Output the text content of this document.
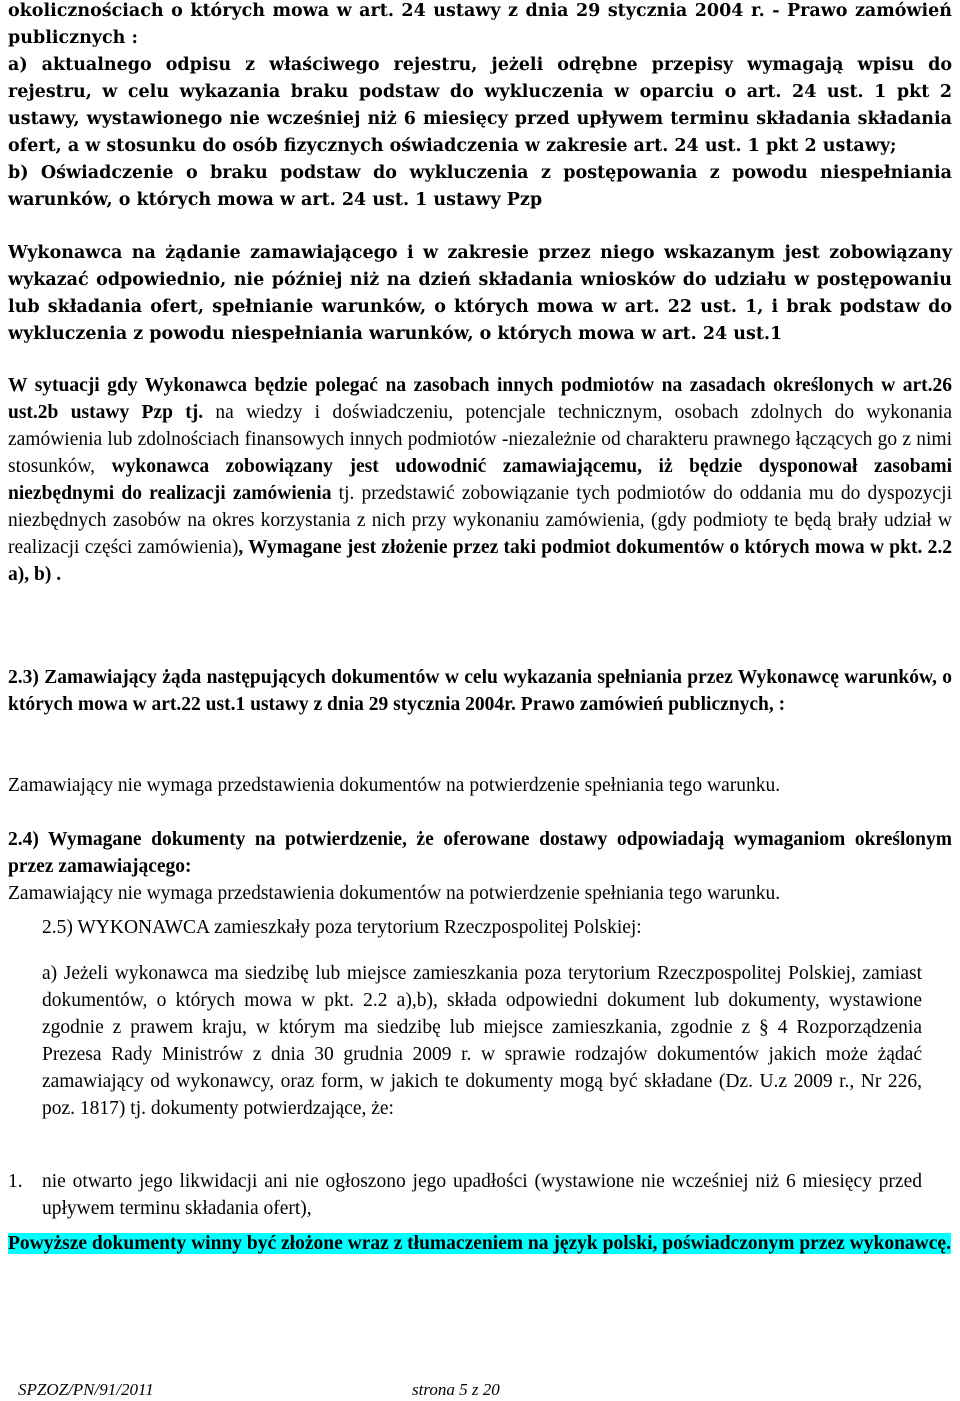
okolicznościach o których mowa w art. 24 ustawy z dnia 29 stycznia 2004 r. - Prawo zamówień publicznych :

a) aktualnego odpisu z właściwego rejestru, jeżeli odrębne przepisy wymagają wpisu do rejestru, w celu wykazania braku podstaw do wykluczenia w oparciu o art. 24 ust. 1 pkt 2 ustawy, wystawionego nie wcześniej niż 6 miesięcy przed upływem terminu składania składania ofert, a w stosunku do osób fizycznych oświadczenia w zakresie art. 24 ust. 1 pkt 2 ustawy;

b) Oświadczenie o braku podstaw do wykluczenia z postępowania z powodu niespełniania warunków, o których mowa w art. 24 ust. 1 ustawy Pzp

Wykonawca na żądanie zamawiającego i w zakresie przez niego wskazanym jest zobowiązany wykazać odpowiednio, nie później niż na dzień składania wniosków do udziału w postępowaniu lub składania ofert, spełnianie warunków, o których mowa w art. 22 ust. 1, i brak podstaw do wykluczenia z powodu niespełniania warunków, o których mowa w art. 24 ust.1

W sytuacji gdy Wykonawca będzie polegać na zasobach innych podmiotów na zasadach określonych w art.26 ust.2b ustawy Pzp tj. na wiedzy i doświadczeniu, potencjale technicznym, osobach zdolnych do wykonania zamówienia lub zdolnościach finansowych innych podmiotów -niezależnie od charakteru prawnego łączących go z nimi stosunków, wykonawca zobowiązany jest udowodnić zamawiającemu, iż będzie dysponował zasobami niezbędnymi do realizacji zamówienia tj. przedstawić zobowiązanie tych podmiotów do oddania mu do dyspozycji niezbędnych zasobów na okres korzystania z nich przy wykonaniu zamówienia, (gdy podmioty te będą brały udział w realizacji części zamówienia), Wymagane jest złożenie przez taki podmiot dokumentów o których mowa w pkt. 2.2 a), b) .

2.3) Zamawiający żąda następujących dokumentów w celu wykazania spełniania przez Wykonawcę warunków, o których mowa w art.22 ust.1 ustawy z dnia 29 stycznia 2004r. Prawo zamówień publicznych, :

Zamawiający nie wymaga przedstawienia dokumentów na potwierdzenie spełniania tego warunku.

2.4) Wymagane dokumenty na potwierdzenie, że oferowane dostawy odpowiadają wymaganiom określonym przez zamawiającego:

Zamawiający nie wymaga przedstawienia dokumentów na potwierdzenie spełniania tego warunku.

2.5) WYKONAWCA zamieszkały poza terytorium Rzeczpospolitej Polskiej:

a) Jeżeli wykonawca ma siedzibę lub miejsce zamieszkania poza terytorium Rzeczpospolitej Polskiej, zamiast dokumentów, o których mowa w pkt. 2.2 a),b), składa odpowiedni dokument lub dokumenty, wystawione zgodnie z prawem kraju, w którym ma siedzibę lub miejsce zamieszkania, zgodnie z § 4 Rozporządzenia Prezesa Rady Ministrów z dnia 30 grudnia 2009 r. w sprawie rodzajów dokumentów jakich może żądać zamawiający od wykonawcy, oraz form, w jakich te dokumenty mogą być składane (Dz. U.z 2009 r., Nr 226, poz. 1817) tj. dokumenty potwierdzające, że:

1. nie otwarto jego likwidacji ani nie ogłoszono jego upadłości (wystawione nie wcześniej niż 6 miesięcy przed upływem terminu składania ofert),

Powyższe dokumenty winny być złożone wraz z tłumaczeniem na język polski, poświadczonym przez wykonawcę.

SPZOZ/PN/91/2011	strona 5 z 20
